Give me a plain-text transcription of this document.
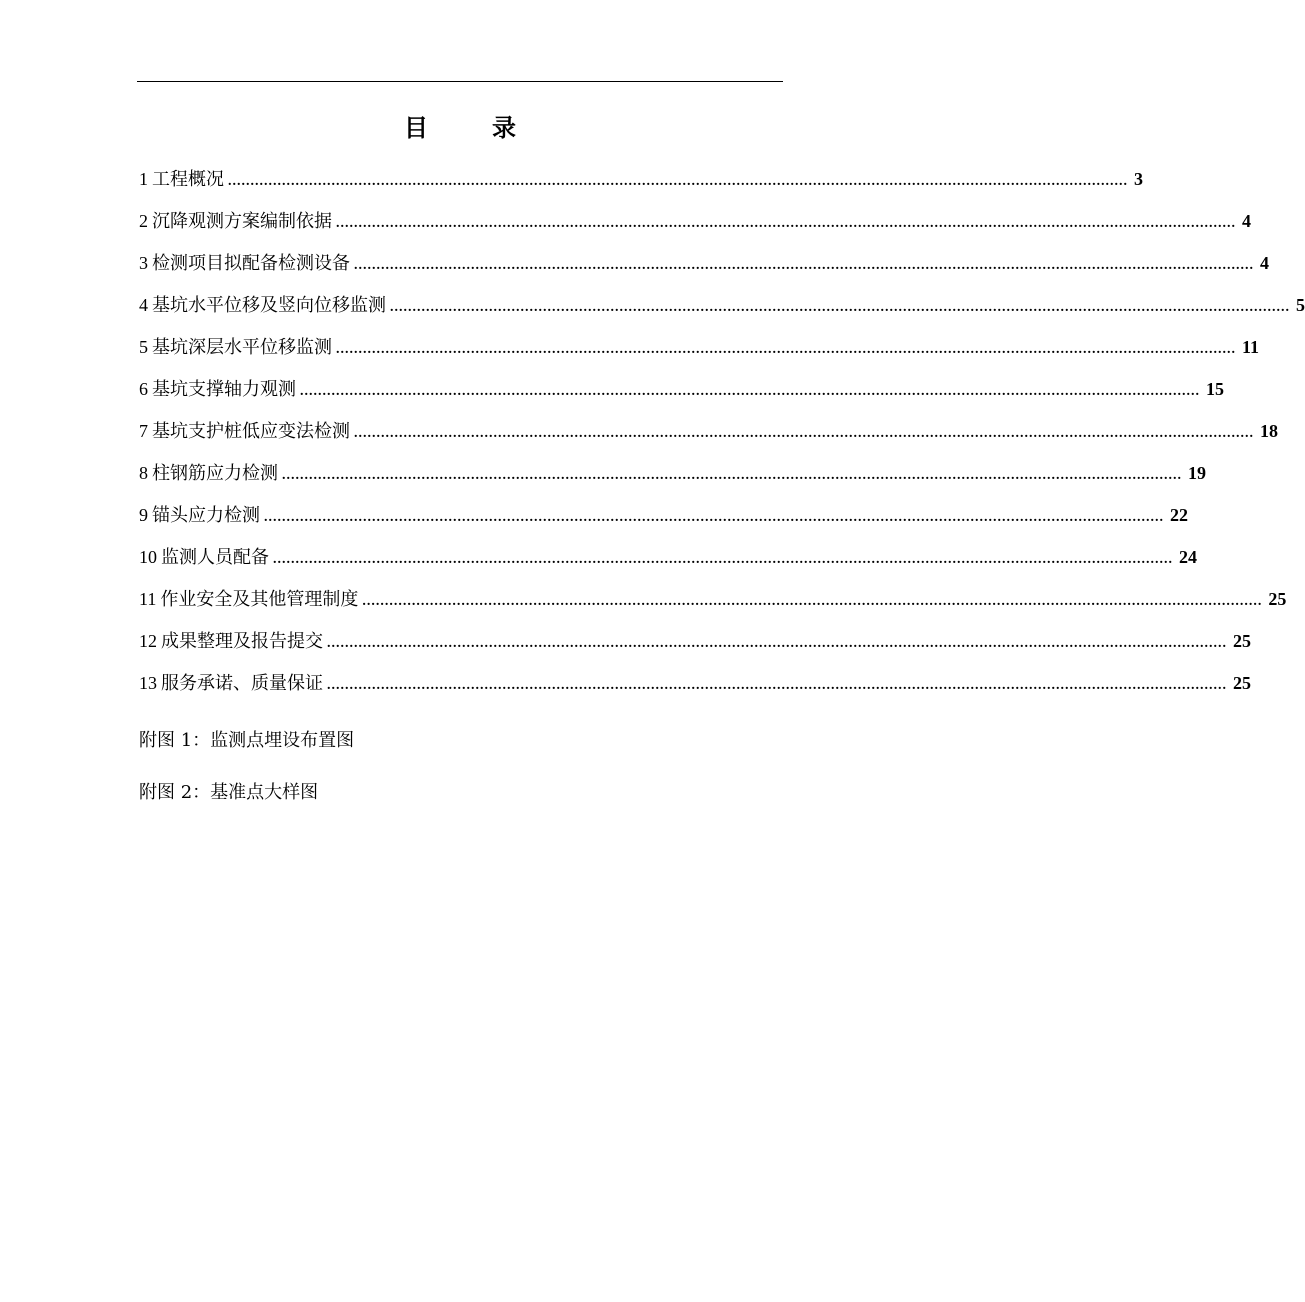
目录
1 工程概况 ........................................................................................................................................................................................................ 3
2 沉降观测方案编制依据 ........................................................................................................................................................................................................ 4
3 检测项目拟配备检测设备 ........................................................................................................................................................................................................ 4
4 基坑水平位移及竖向位移监测 ........................................................................................................................................................................................................ 5
5 基坑深层水平位移监测 ........................................................................................................................................................................................................ 11
6 基坑支撑轴力观测 ........................................................................................................................................................................................................ 15
7 基坑支护桩低应变法检测 ........................................................................................................................................................................................................ 18
8 柱钢筋应力检测 ........................................................................................................................................................................................................ 19
9 锚头应力检测 ........................................................................................................................................................................................................ 22
10 监测人员配备 ........................................................................................................................................................................................................ 24
11 作业安全及其他管理制度 ........................................................................................................................................................................................................ 25
12 成果整理及报告提交 ........................................................................................................................................................................................................ 25
13 服务承诺、质量保证 ........................................................................................................................................................................................................ 25
附图 1：监测点埋设布置图
附图 2：基准点大样图
